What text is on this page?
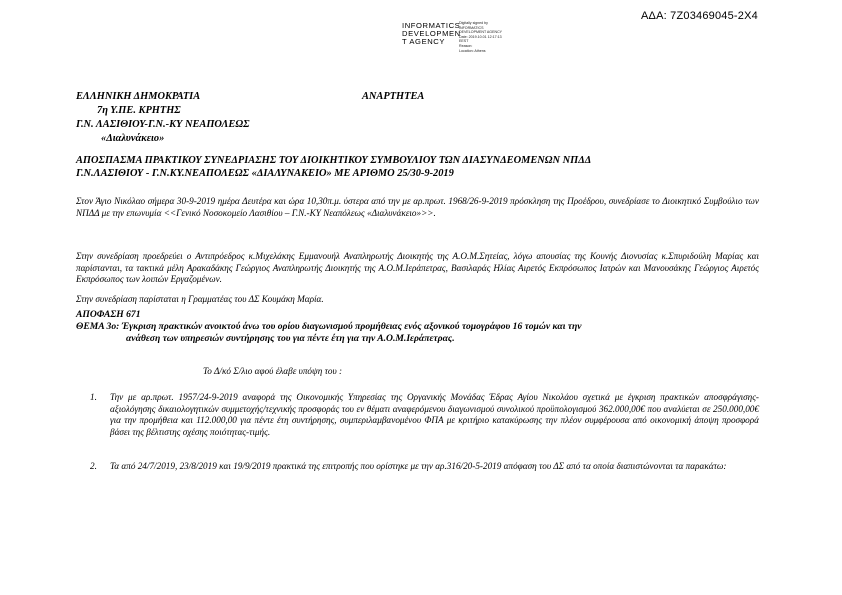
ΑΔΑ: 7Ζ03469045-2Χ4
INFORMATICS
DEVELOPMEN
T AGENCY
Digitally signed by
INFORMATICS
DEVELOPMENT AGENCY
Date: 2019.10.01 12:17:13
EEST
Reason:
Location: Athens
ΕΛΛΗΝΙΚΗ ΔΗΜΟΚΡΑΤΙΑ
7η Υ.ΠΕ. ΚΡΗΤΗΣ
Γ.Ν. ΛΑΣΙΘΙΟΥ-Γ.Ν.-ΚΥ ΝΕΑΠΟΛΕΩΣ
«Διαλυνάκειο»
ΑΝΑΡΤΗΤΕΑ
ΑΠΟΣΠΑΣΜΑ ΠΡΑΚΤΙΚΟΥ ΣΥΝΕΔΡΙΑΣΗΣ ΤΟΥ ΔΙΟΙΚΗΤΙΚΟΥ ΣΥΜΒΟΥΛΙΟΥ ΤΩΝ ΔΙΑΣΥΝΔΕΟΜΕΝΩΝ ΝΠΔΔ
Γ.Ν.ΛΑΣΙΘΙΟΥ - Γ.Ν.ΚΥ.ΝΕΑΠΟΛΕΩΣ «ΔΙΑΛΥΝΑΚΕΙΟ» ΜΕ ΑΡΙΘΜΟ 25/30-9-2019
Στον Άγιο Νικόλαο σήμερα 30-9-2019 ημέρα Δευτέρα και ώρα 10,30π.μ. ύστερα από την με αρ.πρωτ. 1968/26-9-2019 πρόσκληση της Προέδρου, συνεδρίασε το Διοικητικό Συμβούλιο των ΝΠΔΔ με την επωνυμία <<Γενικό Νοσοκομείο Λασιθίου – Γ.Ν.-ΚΥ Νεαπόλεως «Διαλυνάκειο»>>.
Στην συνεδρίαση προεδρεύει ο Αντιπρόεδρος κ.Μιχελάκης Εμμανουήλ Αναπληρωτής Διοικητής της Α.Ο.Μ.Σητείας, λόγω απουσίας της Κουνής Διονυσίας κ.Σπυριδούλη Μαρίας και παρίστανται, τα τακτικά μέλη Αρακαδάκης Γεώργιος Αναπληρωτής Διοικητής της Α.Ο.Μ.Ιεράπετρας, Βασιλαράς Ηλίας Αιρετός Εκπρόσωπος Ιατρών και Μανουσάκης Γεώργιος Αιρετός Εκπρόσωπος των λοιπών Εργαζομένων.
Στην συνεδρίαση παρίσταται η Γραμματέας του ΔΣ Κουμάκη Μαρία.
ΑΠΟΦΑΣΗ 671
ΘΕΜΑ 3ο: Έγκριση πρακτικών ανοικτού άνω του ορίου διαγωνισμού προμήθειας ενός αξονικού τομογράφου 16 τομών και την
ανάθεση των υπηρεσιών συντήρησης του για πέντε έτη για την Α.Ο.Μ.Ιεράπετρας.
Το Δ/κό Σ/λιο αφού έλαβε υπόψη του :
1. Την με αρ.πρωτ. 1957/24-9-2019 αναφορά της Οικονομικής Υπηρεσίας της Οργανικής Μονάδας Έδρας Αγίου Νικολάου σχετικά με έγκριση πρακτικών αποσφράγισης-αξιολόγησης δικαιολογητικών συμμετοχής/τεχνικής προσφοράς του εν θέματι αναφερόμενου διαγωνισμού συνολικού προϋπολογισμού 362.000,00€ που αναλύεται σε 250.000,00€ για την προμήθεια και 112.000,00 για πέντε έτη συντήρησης, συμπεριλαμβανομένου ΦΠΑ με κριτήριο κατακύρωσης την πλέον συμφέρουσα από οικονομική άποψη προσφορά βάσει της βέλτιστης σχέσης ποιότητας-τιμής.
2. Τα από 24/7/2019, 23/8/2019 και 19/9/2019 πρακτικά της επιτροπής που ορίστηκε με την αρ.316/20-5-2019 απόφαση του ΔΣ από τα οποία διαπιστώνονται τα παρακάτω:
